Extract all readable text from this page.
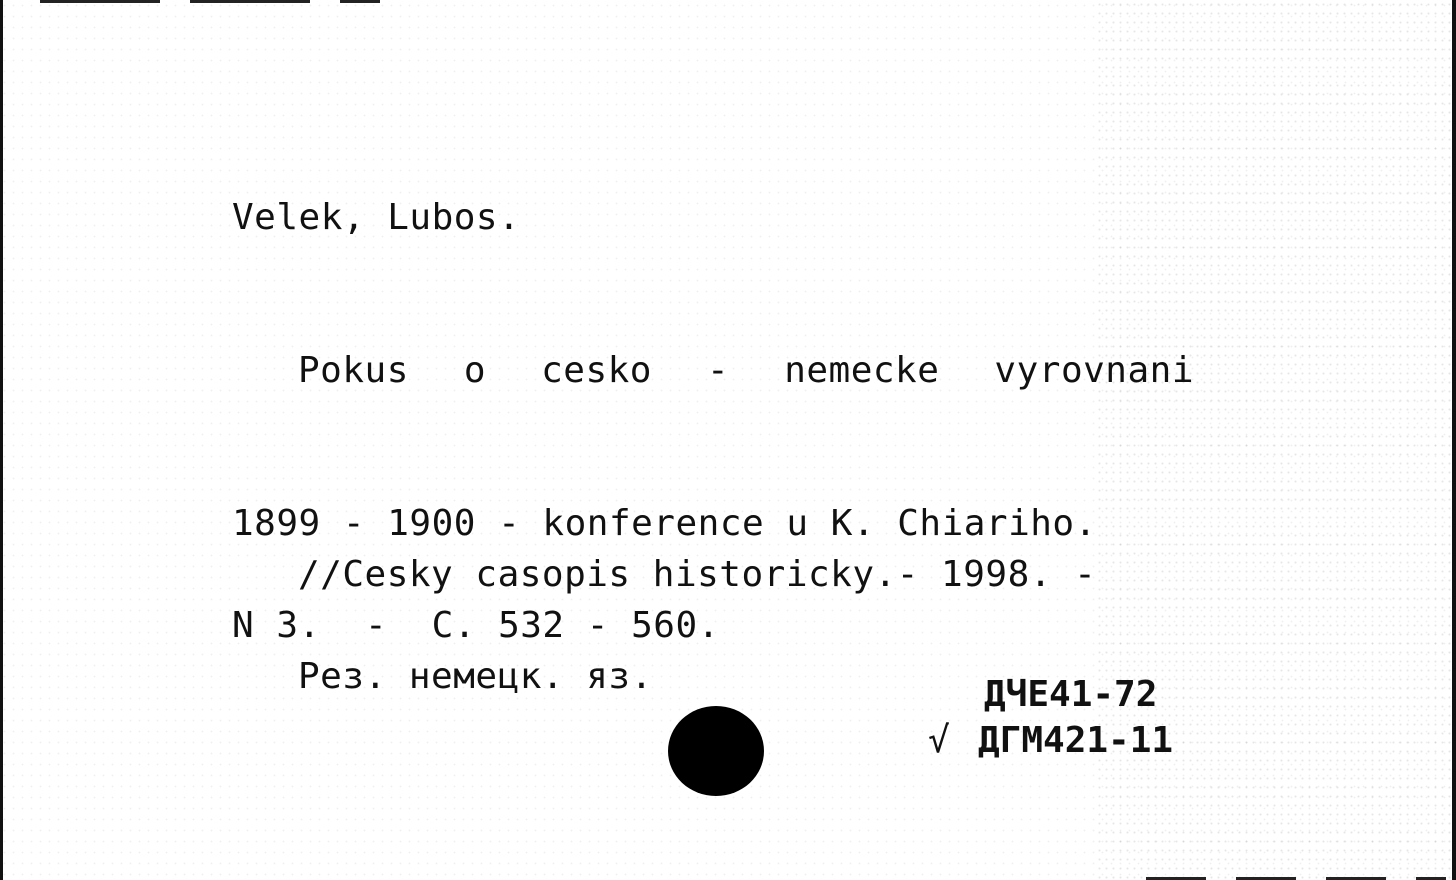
Velek, Lubos.

Pokus o cesko - nemecke vyrovnani

1899 - 1900 - konference u K. Chiariho.
//Cesky casopis historicky.- 1998. -
N 3.  -  C. 532 - 560.
Рез. немецк. яз.	ДЧЕ41-72
√ ДГМ421-11
